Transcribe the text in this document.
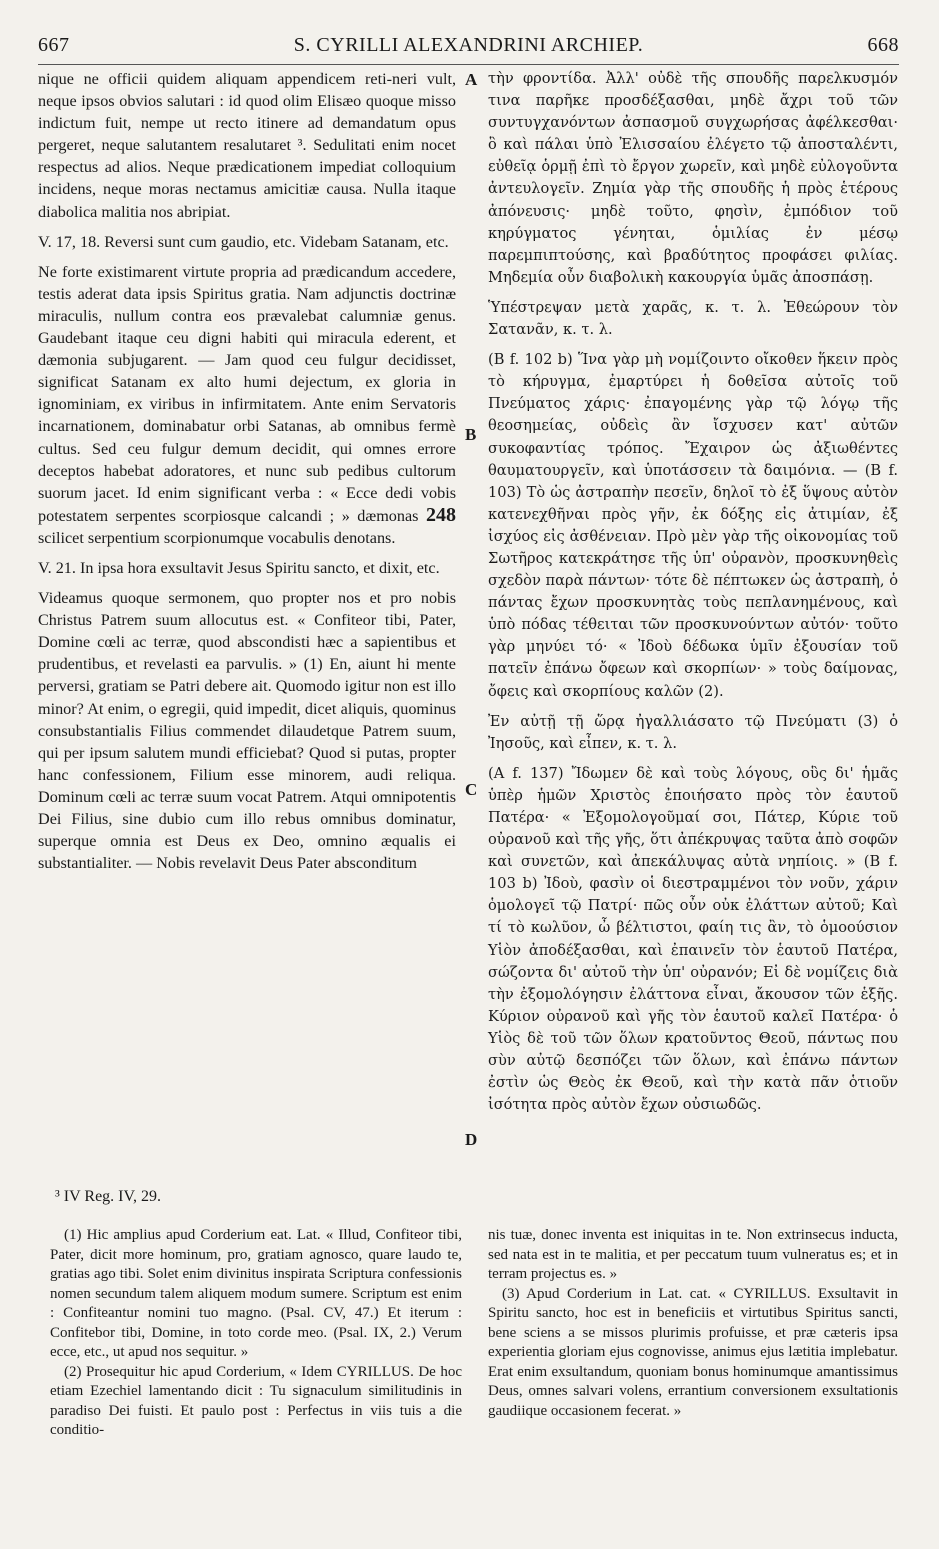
667	S. CYRILLI ALEXANDRINI ARCHIEP.	668

nique ne officii quidem aliquam appendicem reti-neri vult, neque ipsos obvios salutari : id quod olim Elisæo quoque misso indictum fuit, nempe ut recto itinere ad demandatum opus pergeret, neque salutantem resalutaret ³. Sedulitati enim nocet respectus ad alios. Neque prædicationem impediat colloquium incidens, neque moras nectamus amicitiæ causa. Nulla itaque diabolica malitia nos abripiat.

V. 17, 18. Reversi sunt cum gaudio, etc. Videbam Satanam, etc.

Ne forte existimarent virtute propria ad prædicandum accedere, testis aderat data ipsis Spiritus gratia. Nam adjunctis doctrinæ miraculis, nullum contra eos prævalebat calumniæ genus. Gaudebant itaque ceu digni habiti qui miracula ederent, et dæmonia subjugarent. — Jam quod ceu fulgur decidisset, significat Satanam ex alto humi dejectum, ex gloria in ignominiam, ex viribus in infirmitatem. Ante enim Servatoris incarnationem, dominabatur orbi Satanas, ab omnibus fermè cultus. Sed ceu fulgur demum decidit, qui omnes errore deceptos habebat adoratores, et nunc sub pedibus cultorum suorum jacet. Id enim significant verba : « Ecce dedi vobis potestatem serpentes scorpiosque calcandi ; » dæmonas 248 scilicet serpentium scorpionumque vocabulis denotans.

V. 21. In ipsa hora exsultavit Jesus Spiritu sancto, et dixit, etc.

Videamus quoque sermonem, quo propter nos et pro nobis Christus Patrem suum allocutus est. « Confiteor tibi, Pater, Domine cœli ac terræ, quod abscondisti hæc a sapientibus et prudentibus, et revelasti ea parvulis. » (1) En, aiunt hi mente perversi, gratiam se Patri debere ait. Quomodo igitur non est illo minor? At enim, o egregii, quid impedit, dicet aliquis, quominus consubstantialis Filius commendet dilaudetque Patrem suum, qui per ipsum salutem mundi efficiebat? Quod si putas, propter hanc confessionem, Filium esse minorem, audi reliqua. Dominum cœli ac terræ suum vocat Patrem. Atqui omnipotentis Dei Filius, sine dubio cum illo rebus omnibus dominatur, superque omnia est Deus ex Deo, omnino æqualis ei substantialiter. — Nobis revelavit Deus Pater absconditum

A
B
C
D

τὴν φροντίδα. Ἀλλ' οὐδὲ τῆς σπουδῆς παρελκυσμόν τινα παρῆκε προσδέξασθαι, μηδὲ ἄχρι τοῦ τῶν συντυγχανόντων ἀσπασμοῦ συγχωρήσας ἀφέλκεσθαι· ὃ καὶ πάλαι ὑπὸ Ἐλισσαίου ἐλέγετο τῷ ἀποσταλέντι, εὐθεῖᾳ ὁρμῇ ἐπὶ τὸ ἔργον χωρεῖν, καὶ μηδὲ εὐλογοῦντα ἀντευλογεῖν. Ζημία γὰρ τῆς σπουδῆς ἡ πρὸς ἑτέρους ἀπόνευσις· μηδὲ τοῦτο, φησὶν, ἐμπόδιον τοῦ κηρύγματος γένηται, ὁμιλίας ἐν μέσῳ παρεμπιπτούσης, καὶ βραδύτητος προφάσει φιλίας. Μηδεμία οὖν διαβολικὴ κακουργία ὑμᾶς ἀποσπάσῃ.

Ὑπέστρεψαν μετὰ χαρᾶς, κ. τ. λ. Ἐθεώρουν τὸν Σατανᾶν, κ. τ. λ.

(B f. 102 b) Ἵνα γὰρ μὴ νομίζοιντο οἴκοθεν ἥκειν πρὸς τὸ κήρυγμα, ἐμαρτύρει ἡ δοθεῖσα αὐτοῖς τοῦ Πνεύματος χάρις· ἐπαγομένης γὰρ τῷ λόγῳ τῆς θεοσημείας, οὐδεὶς ἂν ἴσχυσεν κατ' αὐτῶν συκοφαντίας τρόπος. Ἔχαιρον ὡς ἀξιωθέντες θαυματουργεῖν, καὶ ὑποτάσσειν τὰ δαιμόνια. — (B f. 103) Τὸ ὡς ἀστραπὴν πεσεῖν, δηλοῖ τὸ ἐξ ὕψους αὐτὸν κατενεχθῆναι πρὸς γῆν, ἐκ δόξης εἰς ἀτιμίαν, ἐξ ἰσχύος εἰς ἀσθένειαν. Πρὸ μὲν γὰρ τῆς οἰκονομίας τοῦ Σωτῆρος κατεκράτησε τῆς ὑπ' οὐρανὸν, προσκυνηθεὶς σχεδὸν παρὰ πάντων· τότε δὲ πέπτωκεν ὡς ἀστραπὴ, ὁ πάντας ἔχων προσκυνητὰς τοὺς πεπλανημένους, καὶ ὑπὸ πόδας τέθειται τῶν προσκυνούντων αὐτόν· τοῦτο γὰρ μηνύει τό· « Ἰδοὺ δέδωκα ὑμῖν ἐξουσίαν τοῦ πατεῖν ἐπάνω ὄφεων καὶ σκορπίων· » τοὺς δαίμονας, ὄφεις καὶ σκορπίους καλῶν (2).

Ἐν αὐτῇ τῇ ὥρᾳ ἠγαλλιάσατο τῷ Πνεύματι (3) ὁ Ἰησοῦς, καὶ εἶπεν, κ. τ. λ.

(A f. 137) Ἴδωμεν δὲ καὶ τοὺς λόγους, οὓς δι' ἡμᾶς ὑπὲρ ἡμῶν Χριστὸς ἐποιήσατο πρὸς τὸν ἑαυτοῦ Πατέρα· « Ἐξομολογοῦμαί σοι, Πάτερ, Κύριε τοῦ οὐρανοῦ καὶ τῆς γῆς, ὅτι ἀπέκρυψας ταῦτα ἀπὸ σοφῶν καὶ συνετῶν, καὶ ἀπεκάλυψας αὐτὰ νηπίοις. » (B f. 103 b) Ἰδοὺ, φασὶν οἱ διεστραμμένοι τὸν νοῦν, χάριν ὁμολογεῖ τῷ Πατρί· πῶς οὖν οὐκ ἐλάττων αὐτοῦ; Καὶ τί τὸ κωλῦον, ὦ βέλτιστοι, φαίη τις ἂν, τὸ ὁμοούσιον Υἱὸν ἀποδέξασθαι, καὶ ἐπαινεῖν τὸν ἑαυτοῦ Πατέρα, σώζοντα δι' αὐτοῦ τὴν ὑπ' οὐρανόν; Εἰ δὲ νομίζεις διὰ τὴν ἐξομολόγησιν ἐλάττονα εἶναι, ἄκουσον τῶν ἑξῆς. Κύριον οὐρανοῦ καὶ γῆς τὸν ἑαυτοῦ καλεῖ Πατέρα· ὁ Υἱὸς δὲ τοῦ τῶν ὅλων κρατοῦντος Θεοῦ, πάντως που σὺν αὐτῷ δεσπόζει τῶν ὅλων, καὶ ἐπάνω πάντων ἐστὶν ὡς Θεὸς ἐκ Θεοῦ, καὶ τὴν κατὰ πᾶν ὁτιοῦν ἰσότητα πρὸς αὐτὸν ἔχων οὐσιωδῶς.

³ IV Reg. IV, 29.

(1) Hic amplius apud Corderium eat. Lat. « Illud, Confiteor tibi, Pater, dicit more hominum, pro, gratiam agnosco, quare laudo te, gratias ago tibi. Solet enim divinitus inspirata Scriptura confessionis nomen secundum talem aliquem modum sumere. Scriptum est enim : Confiteantur nomini tuo magno. (Psal. CV, 47.) Et iterum : Confitebor tibi, Domine, in toto corde meo. (Psal. IX, 2.) Verum ecce, etc., ut apud nos sequitur. »

(2) Prosequitur hic apud Corderium, « Idem CYRILLUS. De hoc etiam Ezechiel lamentando dicit : Tu signaculum similitudinis in paradiso Dei fuisti. Et paulo post : Perfectus in viis tuis a die conditio-

nis tuæ, donec inventa est iniquitas in te. Non extrinsecus inducta, sed nata est in te malitia, et per peccatum tuum vulneratus es; et in terram projectus es. »

(3) Apud Corderium in Lat. cat. « CYRILLUS. Exsultavit in Spiritu sancto, hoc est in beneficiis et virtutibus Spiritus sancti, bene sciens a se missos plurimis profuisse, et præ cæteris ipsa experientia gloriam ejus cognovisse, animus ejus lætitia implebatur. Erat enim exsultandum, quoniam bonus hominumque amantissimus Deus, omnes salvari volens, errantium conversionem exsultationis gaudiique occasionem fecerat. »
